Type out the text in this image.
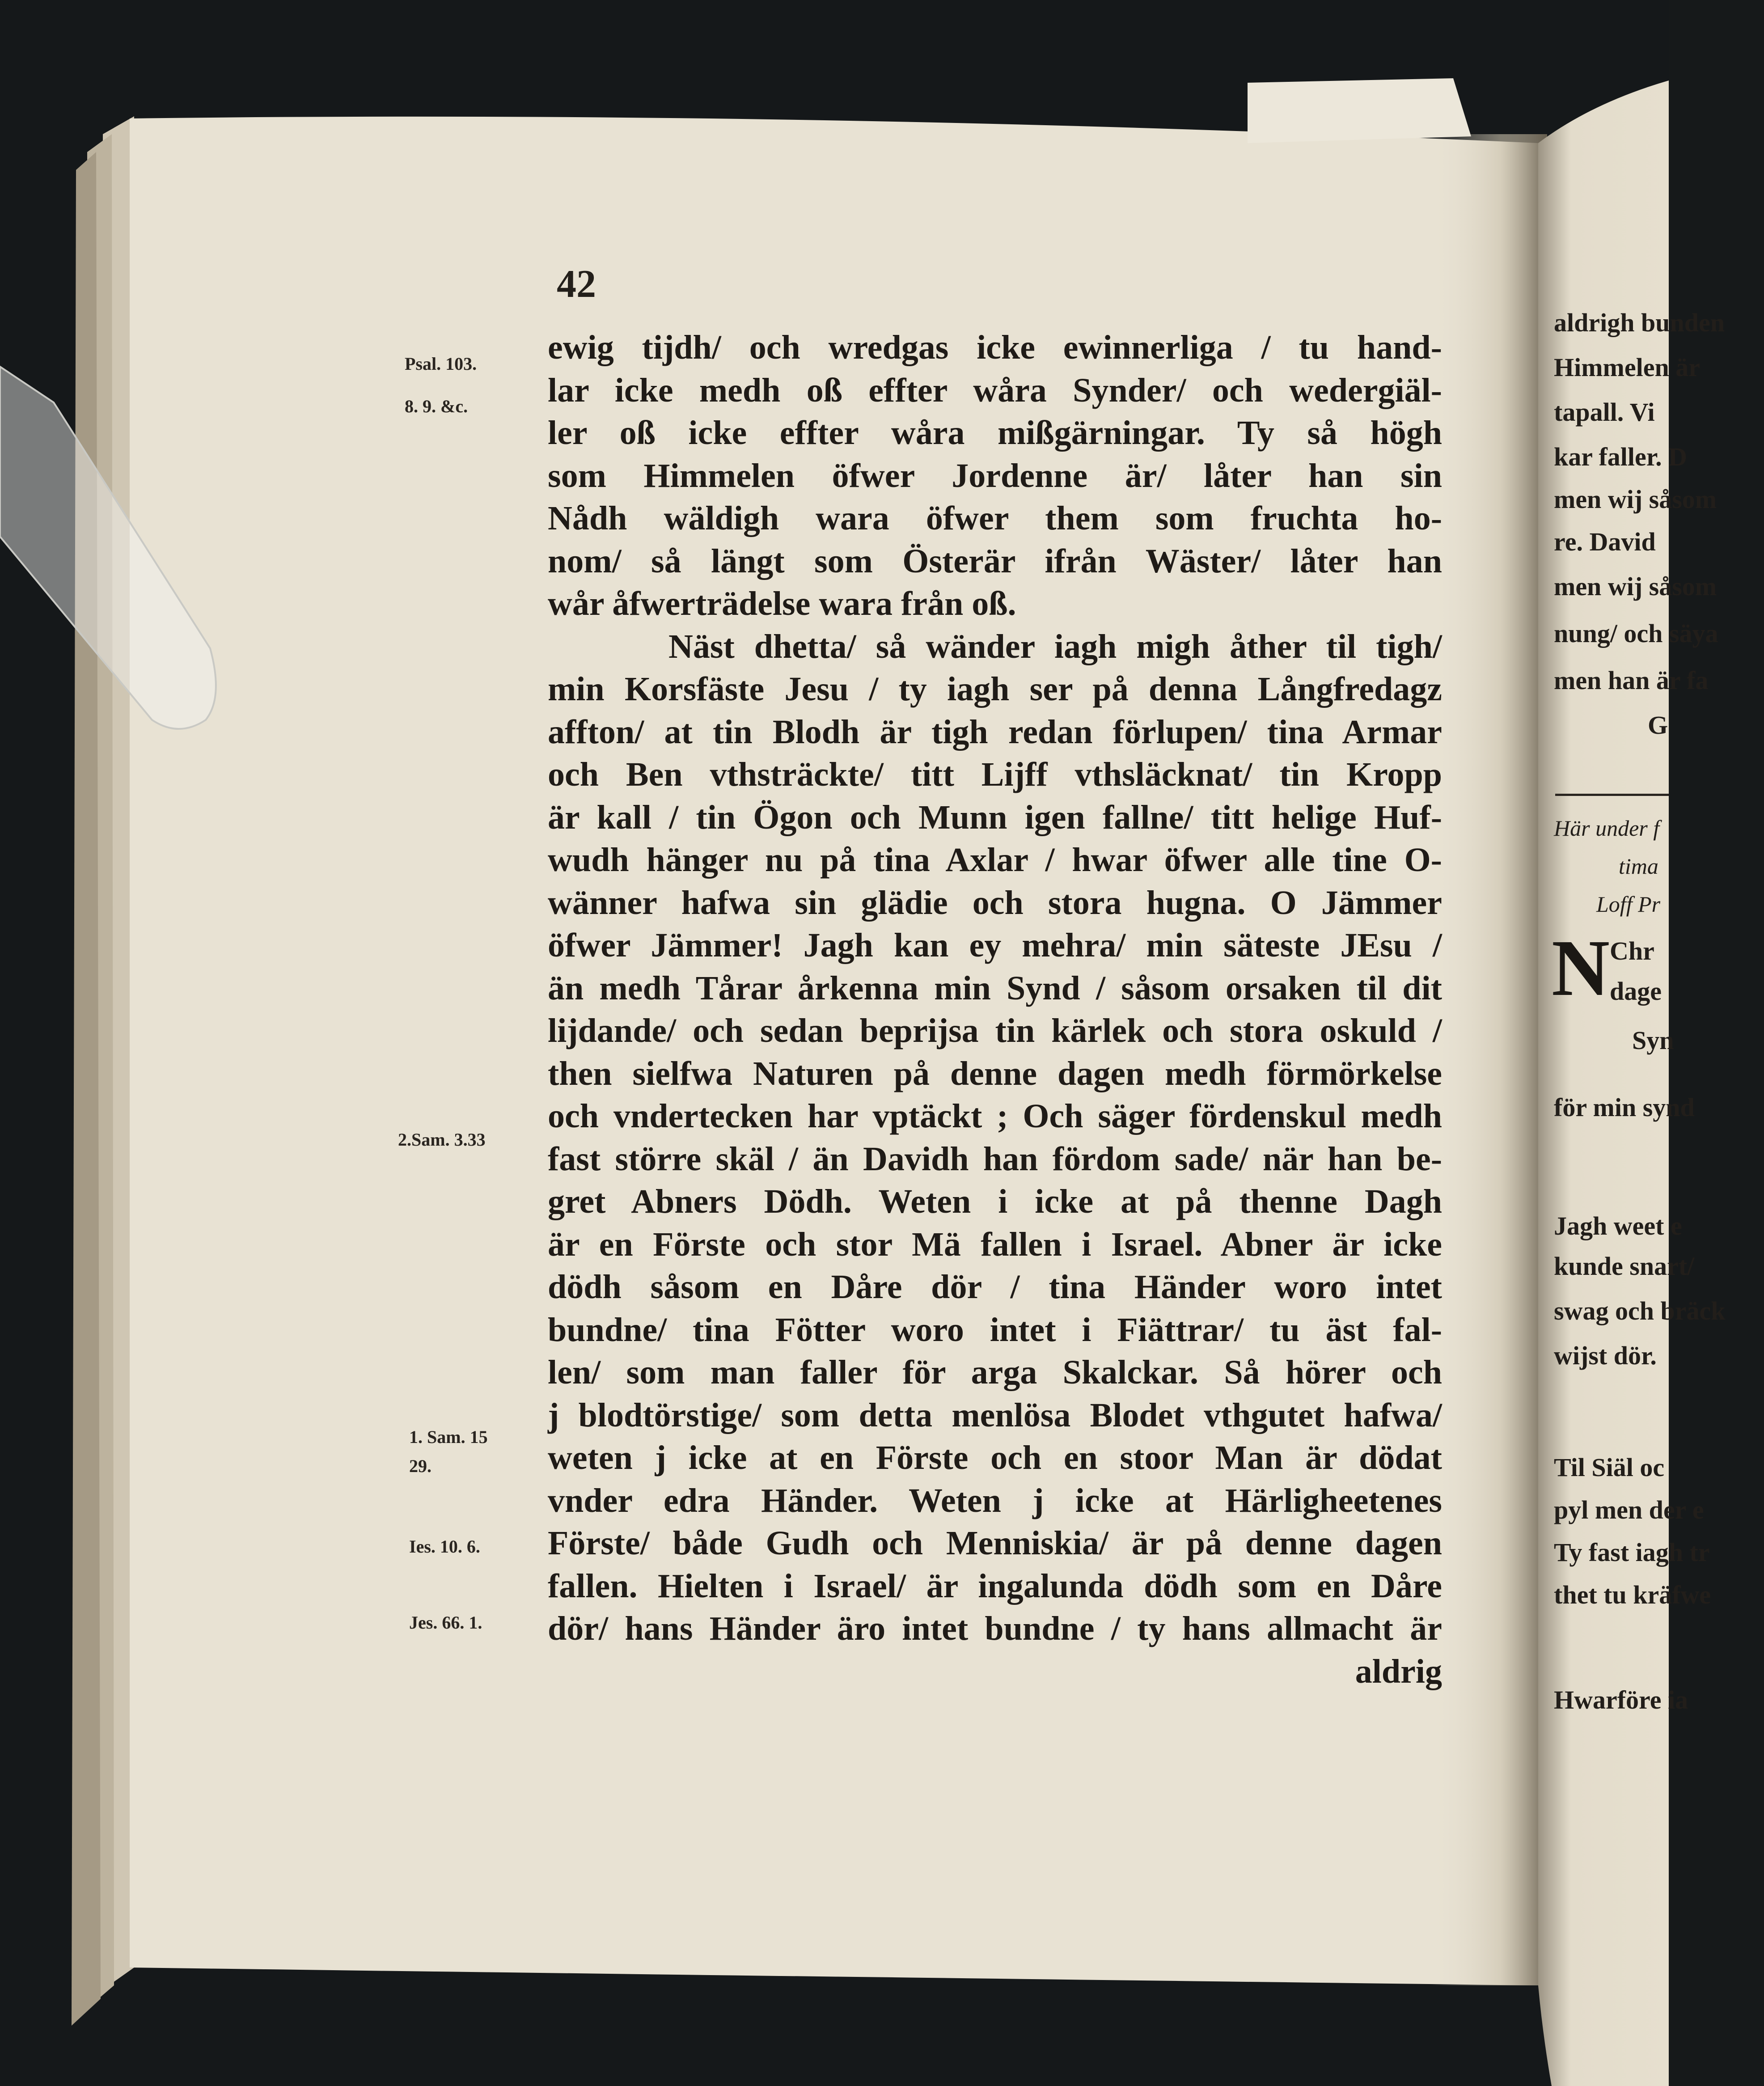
42
ewig tijdh/ och wredgas icke ewinnerliga / tu hand-
lar icke medh oß effter wåra Synder/ och wedergiäl-
ler oß icke effter wåra mißgärningar. Ty så högh
som Himmelen öfwer Jordenne är/ låter han sin
Nådh wäldigh wara öfwer them som fruchta ho-
nom/ så längt som Österär ifrån Wäster/ låter han
wår åfwerträdelse wara från oß.
Näst dhetta/ så wänder iagh migh åther til tigh/
min Korsfäste Jesu / ty iagh ser på denna Långfredagz
affton/ at tin Blodh är tigh redan förlupen/ tina Armar
och Ben vthsträckte/ titt Lijff vthsläcknat/ tin Kropp
är kall / tin Ögon och Munn igen fallne/ titt helige Huf-
wudh hänger nu på tina Axlar / hwar öfwer alle tine O-
wänner hafwa sin glädie och stora hugna. O Jämmer
öfwer Jämmer! Jagh kan ey mehra/ min säteste JEsu /
än medh Tårar årkenna min Synd / såsom orsaken til dit
lijdande/ och sedan beprijsa tin kärlek och stora oskuld /
then sielfwa Naturen på denne dagen medh förmörkelse
och vndertecken har vptäckt ; Och säger fördenskul medh
fast större skäl / än Davidh han fördom sade/ när han be-
gret Abners Dödh. Weten i icke at på thenne Dagh
är en Förste och stor Mä fallen i Israel. Abner är icke
dödh såsom en Dåre dör / tina Händer woro intet
bundne/ tina Fötter woro intet i Fiättrar/ tu äst fal-
len/ som man faller för arga Skalckar. Så hörer och
j blodtörstige/ som detta menlösa Blodet vthgutet hafwa/
weten j icke at en Förste och en stoor Man är dödat
vnder edra Händer. Weten j icke at Härligheetenes
Förste/ både Gudh och Menniskia/ är på denne dagen
fallen. Hielten i Israel/ är ingalunda dödh som en Dåre
dör/ hans Händer äro intet bundne / ty hans allmacht är
aldrig
Psal. 103.
8. 9. &c.
2.Sam. 3.33
1. Sam. 15
29.
Ies. 10. 6.
Jes. 66. 1.
aldrigh bunden
Himmelen är
tapall. Vi
kar faller. D
men wij såsom
re. David
men wij såsom
nung/ och säya
men han är fa
G
Här under f
tima
Loff Pr
N Chr
dage
Syn
för min synd
Jagh weet e
kunde snart/
swag och bräck
wijst dör.
Til Siäl oc
pyl men der e
Ty fast iagh tr
thet tu kräfwe
Hwarföre ia
